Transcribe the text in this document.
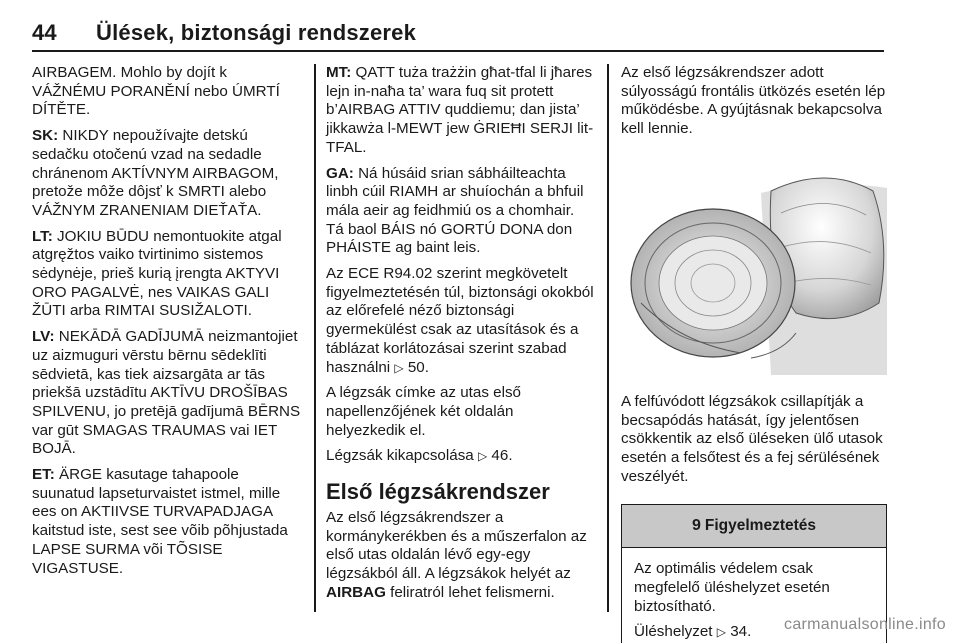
44 Ülések, biztonsági rendszerek

AIRBAGEM. Mohlo by dojít k VÁŽNÉMU PORANĚNÍ nebo ÚMRTÍ DÍTĚTE.

SK: NIKDY nepoužívajte detskú sedačku otočenú vzad na sedadle chránenom AKTÍVNYM AIRBAGOM, pretože môže dôjsť k SMRTI alebo VÁŽNYM ZRANENIAM DIEŤAŤA.

LT: JOKIU BŪDU nemontuokite atgal atgręžtos vaiko tvirtinimo sistemos sėdynėje, prieš kurią įrengta AKTYVI ORO PAGALVĖ, nes VAIKAS GALI ŽŪTI arba RIMTAI SUSIŽALOTI.

LV: NEKĀDĀ GADĪJUMĀ neizmantojiet uz aizmuguri vērstu bērnu sēdeklīti sēdvietā, kas tiek aizsargāta ar tās priekšā uzstādītu AKTĪVU DROŠĪBAS SPILVENU, jo pretējā gadījumā BĒRNS var gūt SMAGAS TRAUMAS vai IET BOJĀ.

ET: ÄRGE kasutage tahapoole suunatud lapseturvaistet istmel, mille ees on AKTIIVSE TURVAPADJAGA kaitstud iste, sest see võib põhjustada LAPSE SURMA või TÕSISE VIGASTUSE.

MT: QATT tuża trażżin għat-tfal li jħares lejn in-naħa ta’ wara fuq sit protett b’AIRBAG ATTIV quddiemu; dan jista’ jikkawża l-MEWT jew ĠRIEĦI SERJI lit-TFAL.

GA: Ná húsáid srian sábháilteachta linbh cúil RIAMH ar shuíochán a bhfuil mála aeir ag feidhmiú os a chomhair. Tá baol BÁIS nó GORTÚ DONA don PHÁISTE ag baint leis.

Az ECE R94.02 szerint megkövetelt figyelmeztetésén túl, biztonsági okokból az előrefelé néző biztonsági gyermekülést csak az utasítások és a táblázat korlátozásai szerint szabad használni ▷ 50.

A légzsák címke az utas első napellenzőjének két oldalán helyezkedik el.

Légzsák kikapcsolása ▷ 46.

Első légzsákrendszer

Az első légzsákrendszer a kormánykerékben és a műszerfalon az első utas oldalán lévő egy-egy légzsákból áll. A légzsákok helyét az AIRBAG feliratról lehet felismerni.

Az első légzsákrendszer adott súlyosságú frontális ütközés esetén lép működésbe. A gyújtásnak bekapcsolva kell lennie.

A felfúvódott légzsákok csillapítják a becsapódás hatását, így jelentősen csökkentik az első üléseken ülő utasok esetén a felsőtest és a fej sérülésének veszélyét.

9 Figyelmeztetés

Az optimális védelem csak megfelelő üléshelyzet esetén biztosítható.

Üléshelyzet ▷ 34.	carmanualsonline.info
